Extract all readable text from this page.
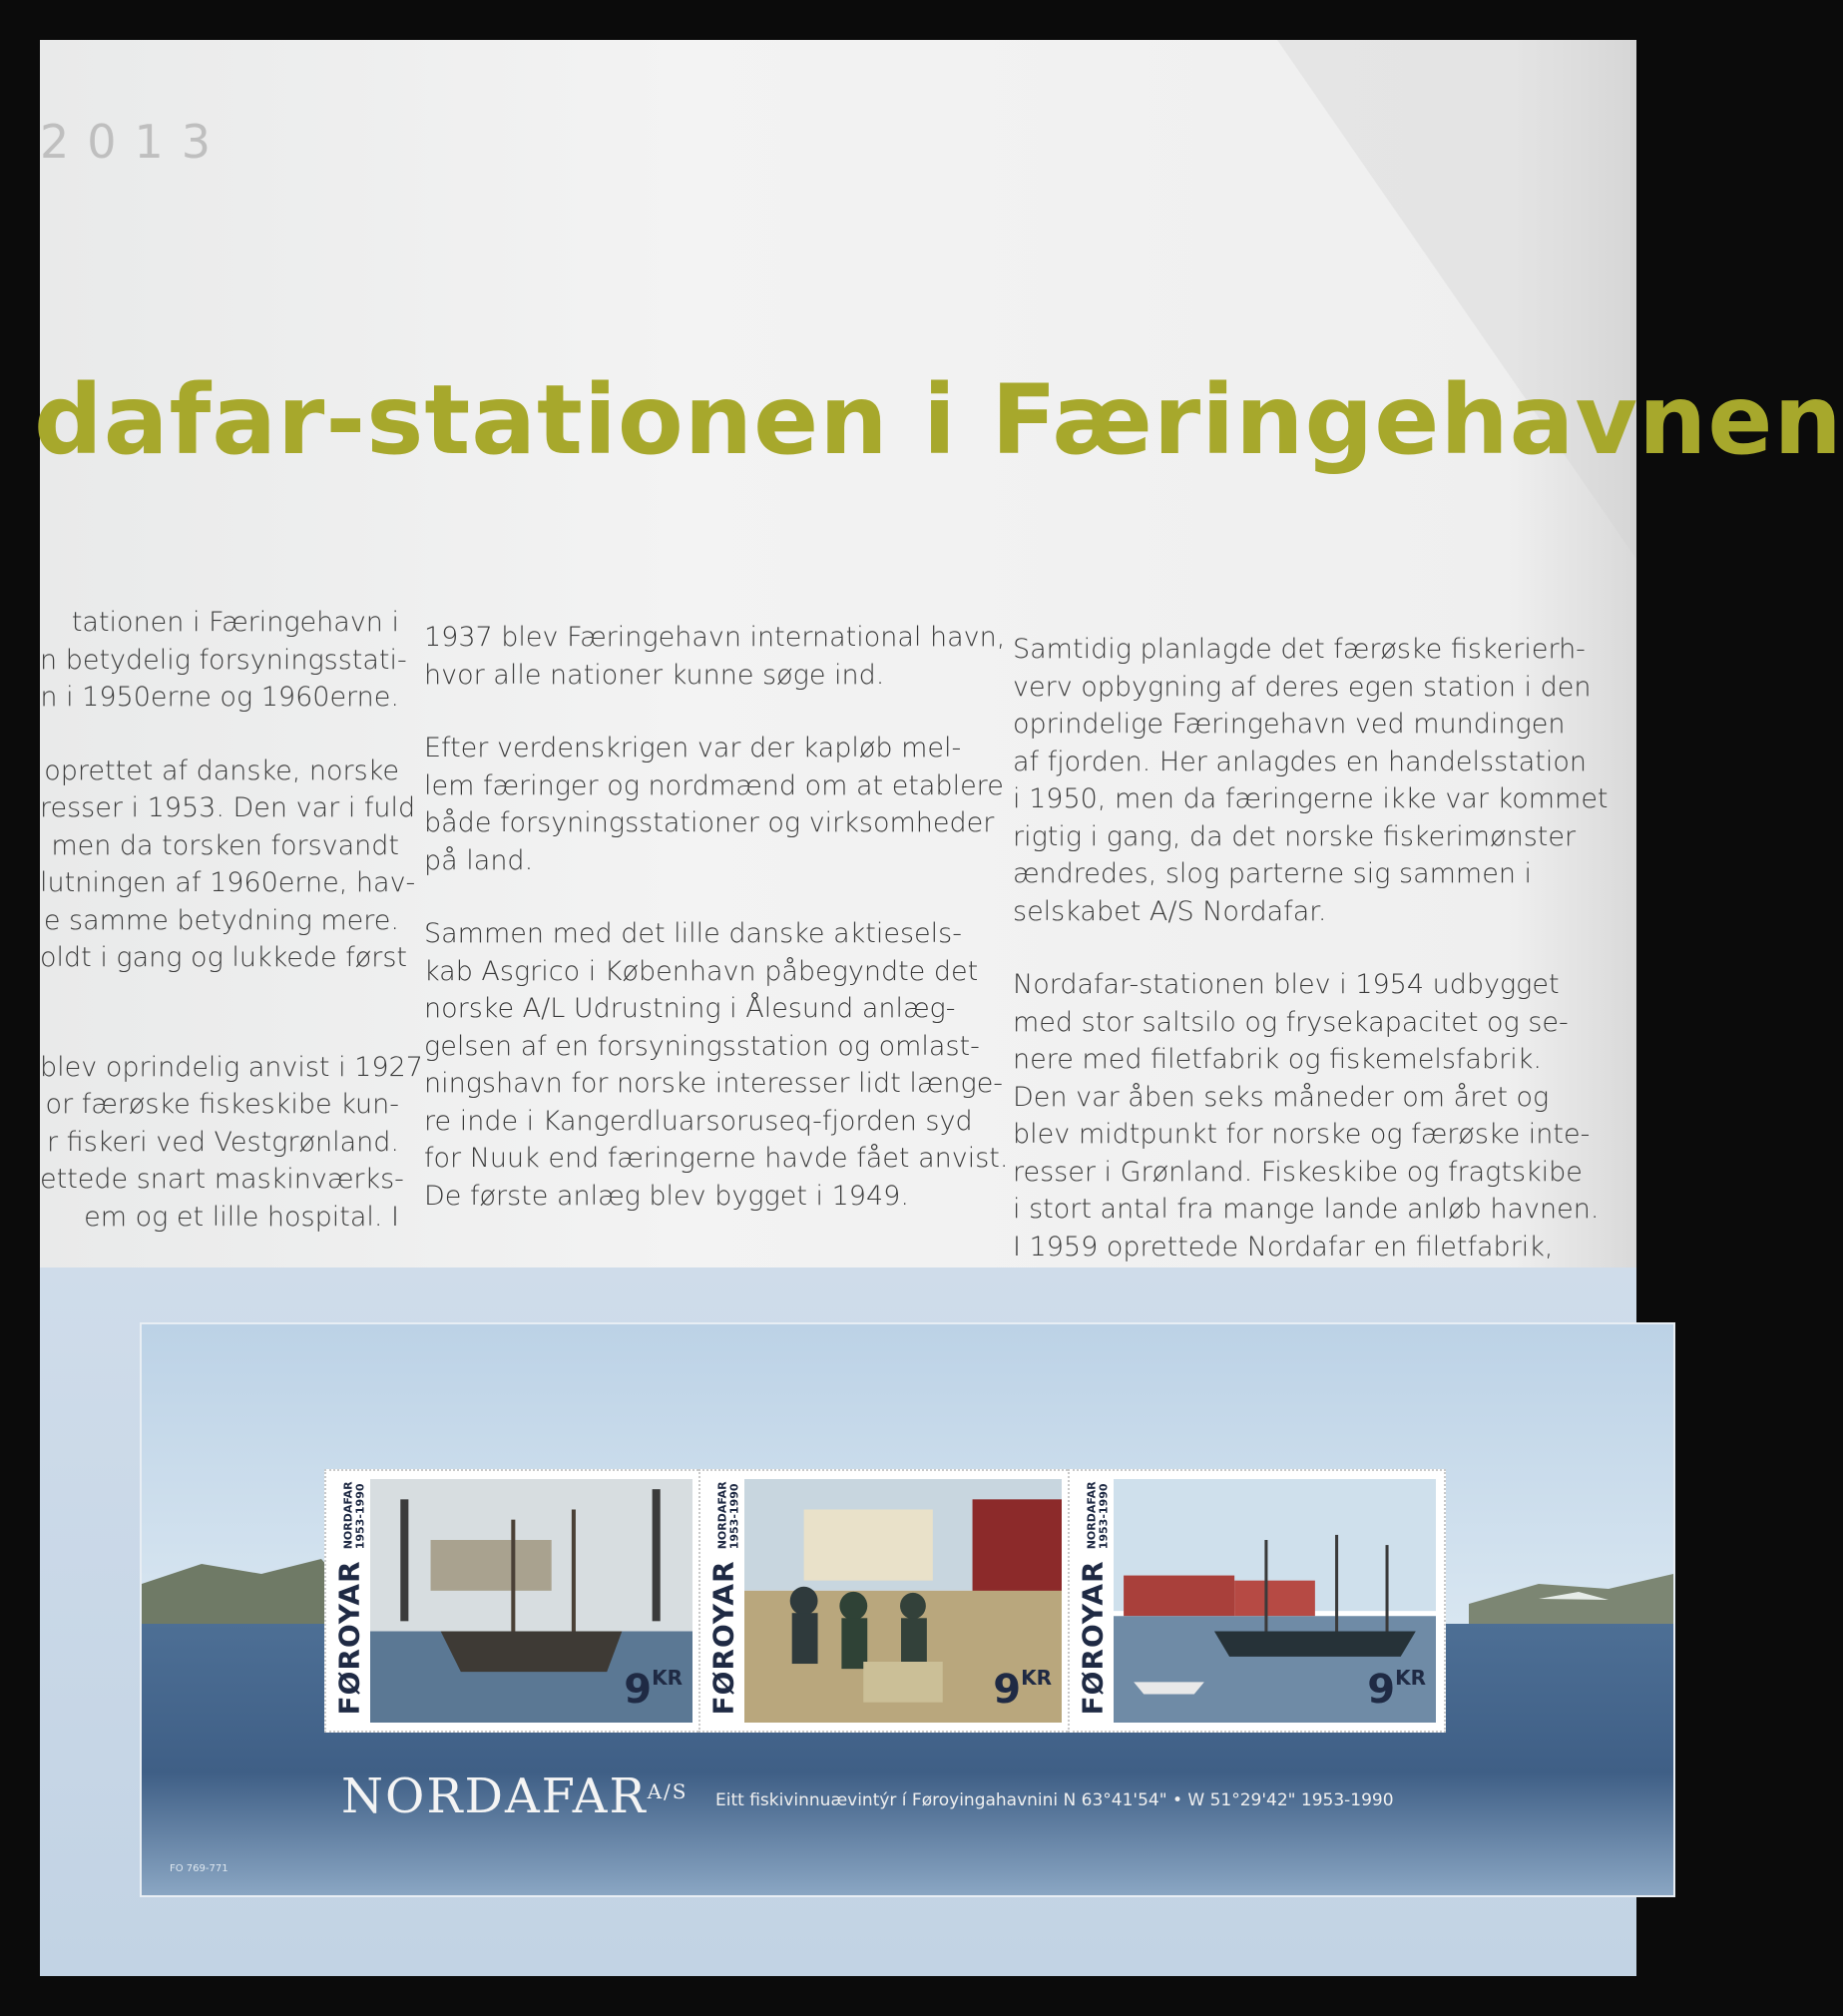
2013
dafar-stationen i Færingehavnen

tationen i Færingehavn i
n betydelig forsyningsstati-
n i 1950erne og 1960erne.

oprettet af danske, norske
resser i 1953. Den var i fuld
men da torsken forsvandt
lutningen af 1960erne, hav-
e samme betydning mere.
oldt i gang og lukkede først

blev oprindelig anvist i 1927
or færøske fiskeskibe kun-
r fiskeri ved Vestgrønland.
ettede snart maskinværks-
em og et lille hospital. I

1937 blev Færingehavn international havn,
hvor alle nationer kunne søge ind.

Efter verdenskrigen var der kapløb mel-
lem færinger og nordmænd om at etablere
både forsyningsstationer og virksomheder
på land.

Sammen med det lille danske aktiesels-
kab Asgrico i København påbegyndte det
norske A/L Udrustning i Ålesund anlæg-
gelsen af en forsyningsstation og omlast-
ningshavn for norske interesser lidt længe-
re inde i Kangerdluarsoruseq-fjorden syd
for Nuuk end færingerne havde fået anvist.
De første anlæg blev bygget i 1949.

Samtidig planlagde det færøske fiskerierh-
verv opbygning af deres egen station i den
oprindelige Færingehavn ved mundingen
af fjorden. Her anlagdes en handelsstation
i 1950, men da færingerne ikke var kommet
rigtig i gang, da det norske fiskerimønster
ændredes, slog parterne sig sammen i
selskabet A/S Nordafar.

Nordafar-stationen blev i 1954 udbygget
med stor saltsilo og frysekapacitet og se-
nere med filetfabrik og fiskemelsfabrik.
Den var åben seks måneder om året og
blev midtpunkt for norske og færøske inte-
resser i Grønland. Fiskeskibe og fragtskibe
i stort antal fra mange lande anløb havnen.
I 1959 oprettede Nordafar en filetfabrik,

FØROYAR NORDAFAR
1953-1990
$9^{KR}$ FØROYAR NORDAFAR
1953-1990
$9^{KR}$ FØROYAR NORDAFAR
1953-1990
$9^{KR}$
$NORDAFAR^{A/S}$ Eitt fiskivinnuævintýr í Føroyingahavnini N 63°41'54" • W 51°29'42" 1953-1990
FO 769-771
